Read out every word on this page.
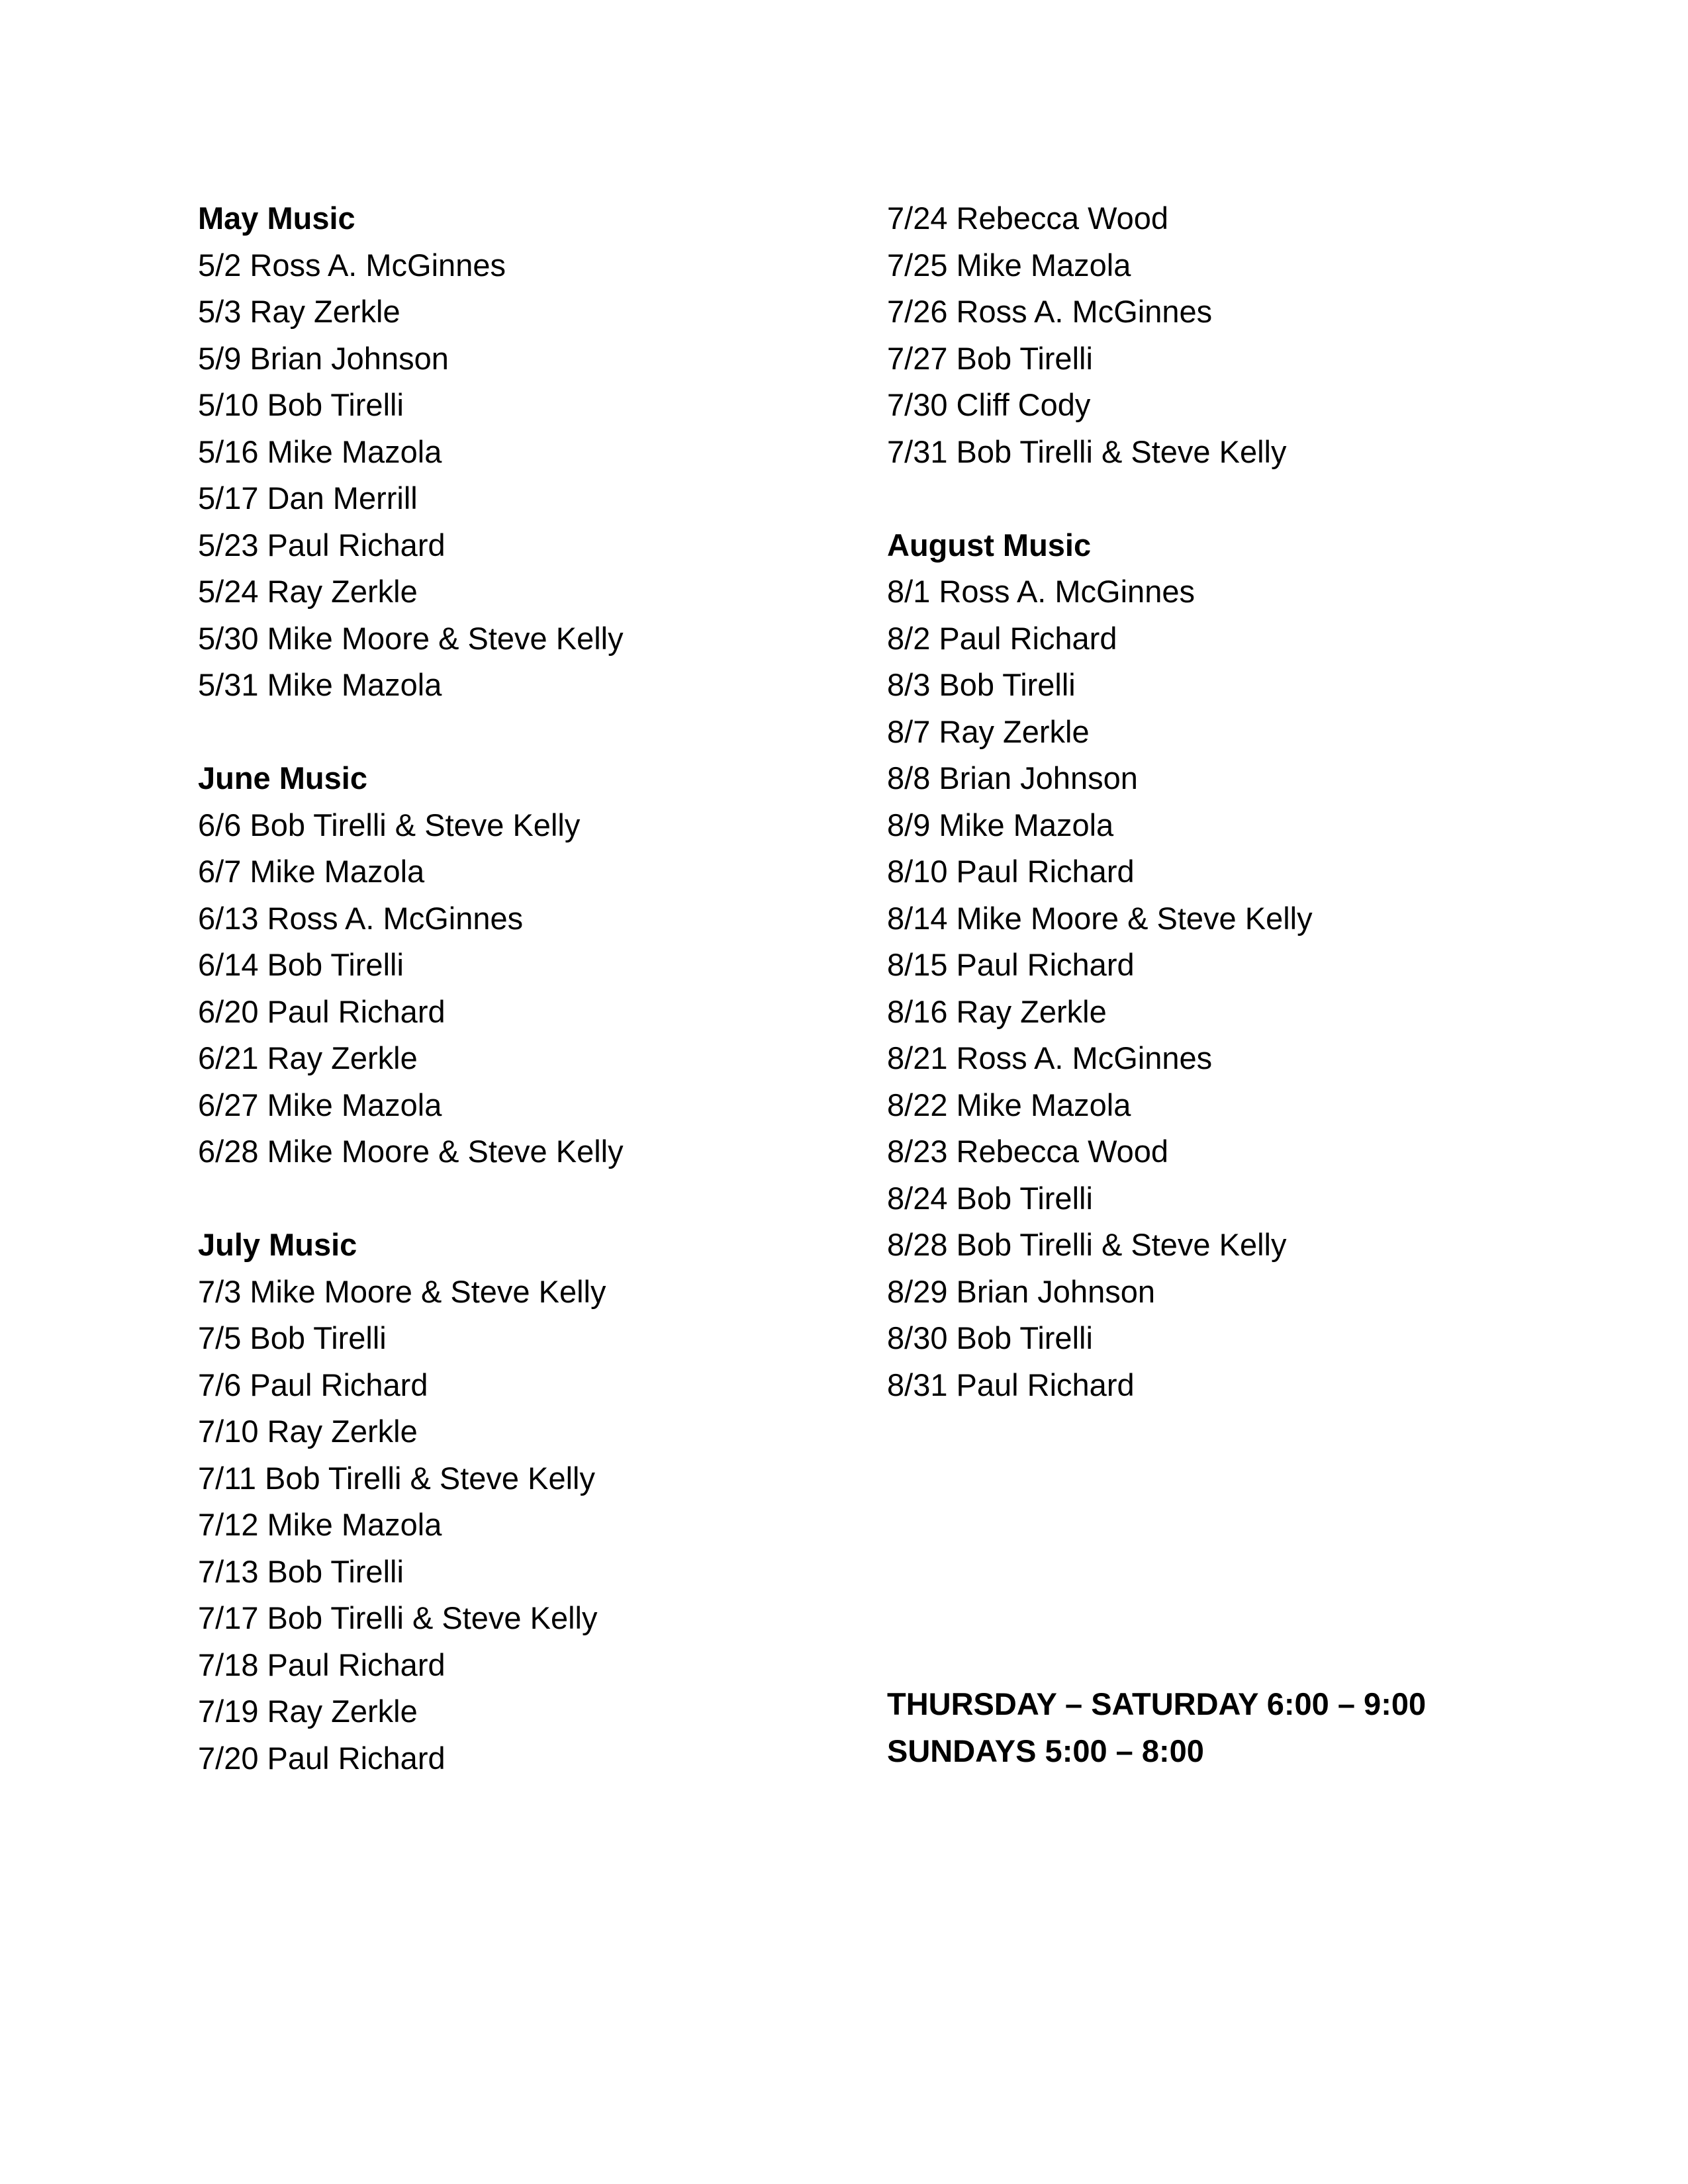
May Music
5/2 Ross A. McGinnes
5/3 Ray Zerkle
5/9 Brian Johnson
5/10 Bob Tirelli
5/16 Mike Mazola
5/17 Dan Merrill
5/23 Paul Richard
5/24 Ray Zerkle
5/30 Mike Moore & Steve Kelly
5/31 Mike Mazola
June Music
6/6 Bob Tirelli & Steve Kelly
6/7 Mike Mazola
6/13 Ross A. McGinnes
6/14 Bob Tirelli
6/20 Paul Richard
6/21 Ray Zerkle
6/27 Mike Mazola
6/28 Mike Moore & Steve Kelly
July Music
7/3 Mike Moore & Steve Kelly
7/5 Bob Tirelli
7/6 Paul Richard
7/10 Ray Zerkle
7/11 Bob Tirelli & Steve Kelly
7/12 Mike Mazola
7/13 Bob Tirelli
7/17 Bob Tirelli & Steve Kelly
7/18 Paul Richard
7/19 Ray Zerkle
7/20 Paul Richard
7/24 Rebecca Wood
7/25 Mike Mazola
7/26 Ross A. McGinnes
7/27 Bob Tirelli
7/30 Cliff Cody
7/31 Bob Tirelli & Steve Kelly
August Music
8/1 Ross A. McGinnes
8/2 Paul Richard
8/3 Bob Tirelli
8/7 Ray Zerkle
8/8 Brian Johnson
8/9 Mike Mazola
8/10 Paul Richard
8/14 Mike Moore & Steve Kelly
8/15 Paul Richard
8/16 Ray Zerkle
8/21 Ross A. McGinnes
8/22 Mike Mazola
8/23 Rebecca Wood
8/24 Bob Tirelli
8/28 Bob Tirelli & Steve Kelly
8/29 Brian Johnson
8/30 Bob Tirelli
8/31 Paul Richard
THURSDAY – SATURDAY 6:00 – 9:00
SUNDAYS 5:00 – 8:00
